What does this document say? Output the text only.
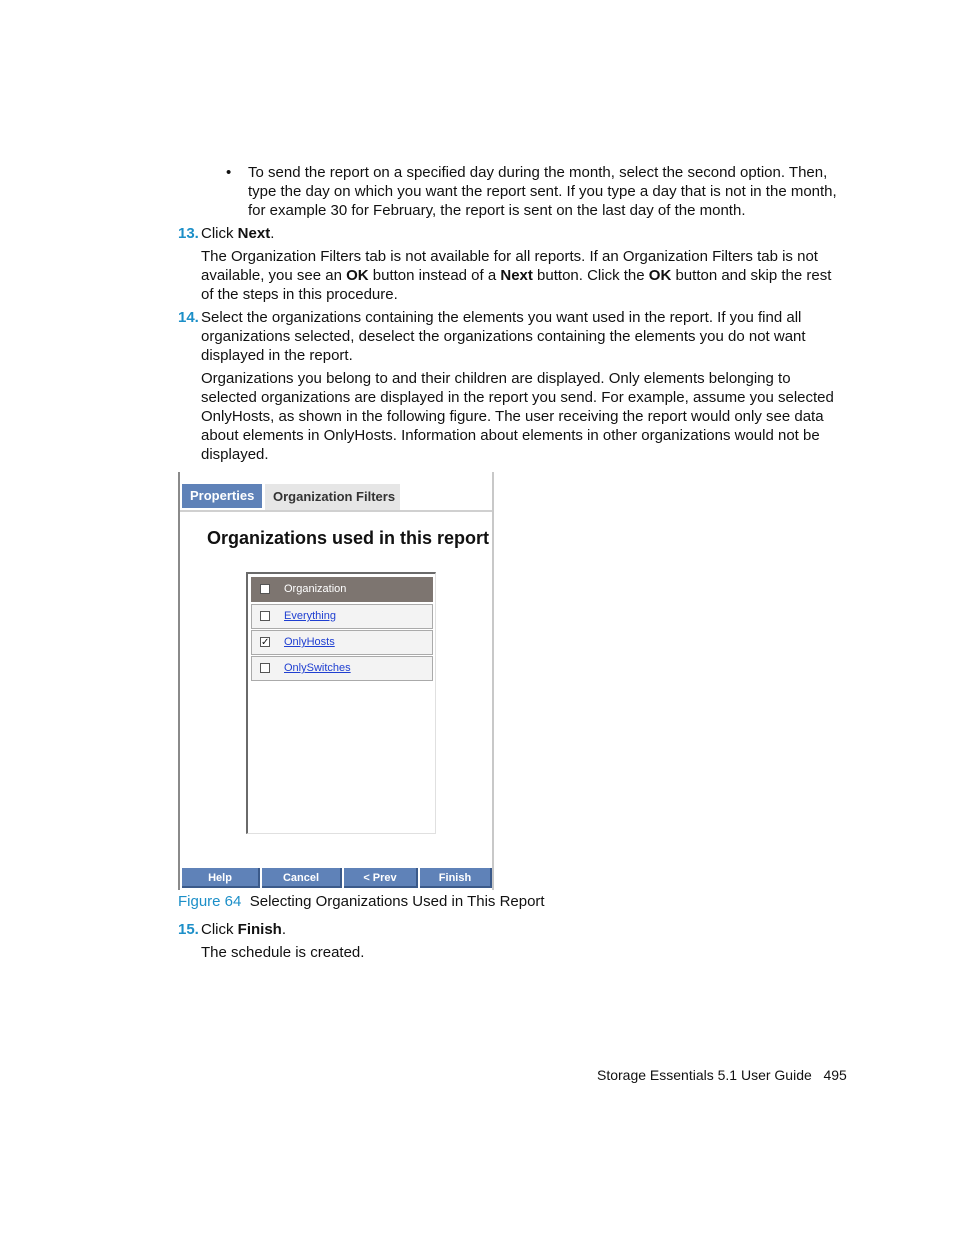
• To send the report on a specified day during the month, select the second option. Then,
type the day on which you want the report sent. If you type a day that is not in the month,
for example 30 for February, the report is sent on the last day of the month.
13. Click Next.
The Organization Filters tab is not available for all reports. If an Organization Filters tab is not
available, you see an OK button instead of a Next button. Click the OK button and skip the rest
of the steps in this procedure.
14. Select the organizations containing the elements you want used in the report. If you find all
organizations selected, deselect the organizations containing the elements you do not want
displayed in the report.
Organizations you belong to and their children are displayed. Only elements belonging to
selected organizations are displayed in the report you send. For example, assume you selected
OnlyHosts, as shown in the following figure. The user receiving the report would only see data
about elements in OnlyHosts. Information about elements in other organizations would not be
displayed.
Properties	Organization Filters
Organizations used in this report
Organization
Everything
✓ OnlyHosts
OnlySwitches
Help	Cancel	< Prev	Finish
Figure 64 Selecting Organizations Used in This Report
15. Click Finish.
The schedule is created.
Storage Essentials 5.1 User Guide 495
